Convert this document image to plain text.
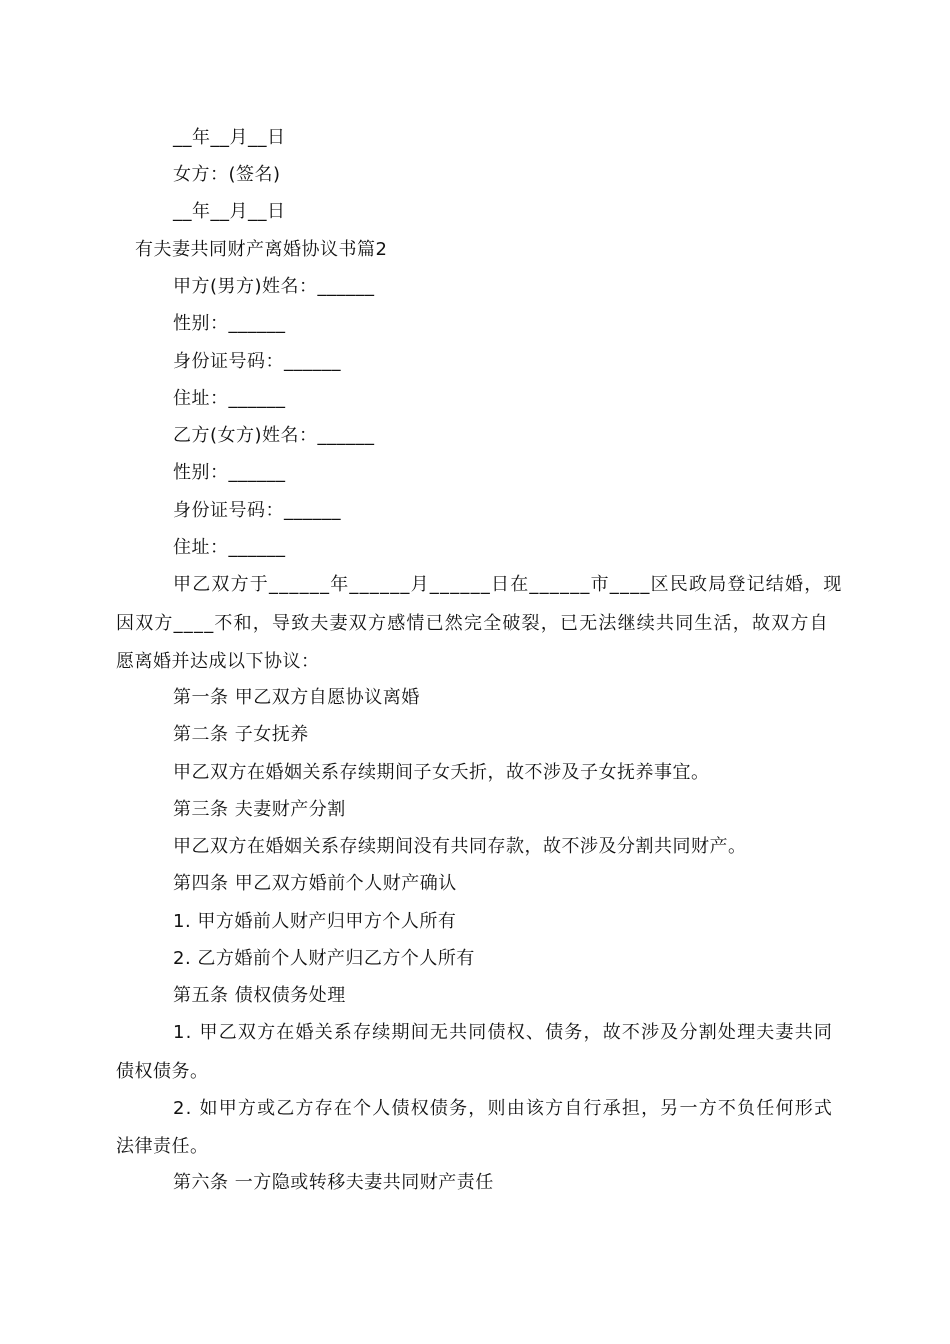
__年__月__日
女方：(签名)
__年__月__日
有夫妻共同财产离婚协议书篇2
甲方(男方)姓名：______
性别：______
身份证号码：______
住址：______
乙方(女方)姓名：______
性别：______
身份证号码：______
住址：______
甲乙双方于______年______月______日在______市____区民政局登记结婚，现
因双方____不和，导致夫妻双方感情已然完全破裂，已无法继续共同生活，故双方自
愿离婚并达成以下协议：
第一条 甲乙双方自愿协议离婚
第二条 子女抚养
甲乙双方在婚姻关系存续期间子女夭折，故不涉及子女抚养事宜。
第三条 夫妻财产分割
甲乙双方在婚姻关系存续期间没有共同存款，故不涉及分割共同财产。
第四条 甲乙双方婚前个人财产确认
1. 甲方婚前人财产归甲方个人所有
2. 乙方婚前个人财产归乙方个人所有
第五条 债权债务处理
1. 甲乙双方在婚关系存续期间无共同债权、债务，故不涉及分割处理夫妻共同
债权债务。
2. 如甲方或乙方存在个人债权债务，则由该方自行承担，另一方不负任何形式
法律责任。
第六条 一方隐或转移夫妻共同财产责任
